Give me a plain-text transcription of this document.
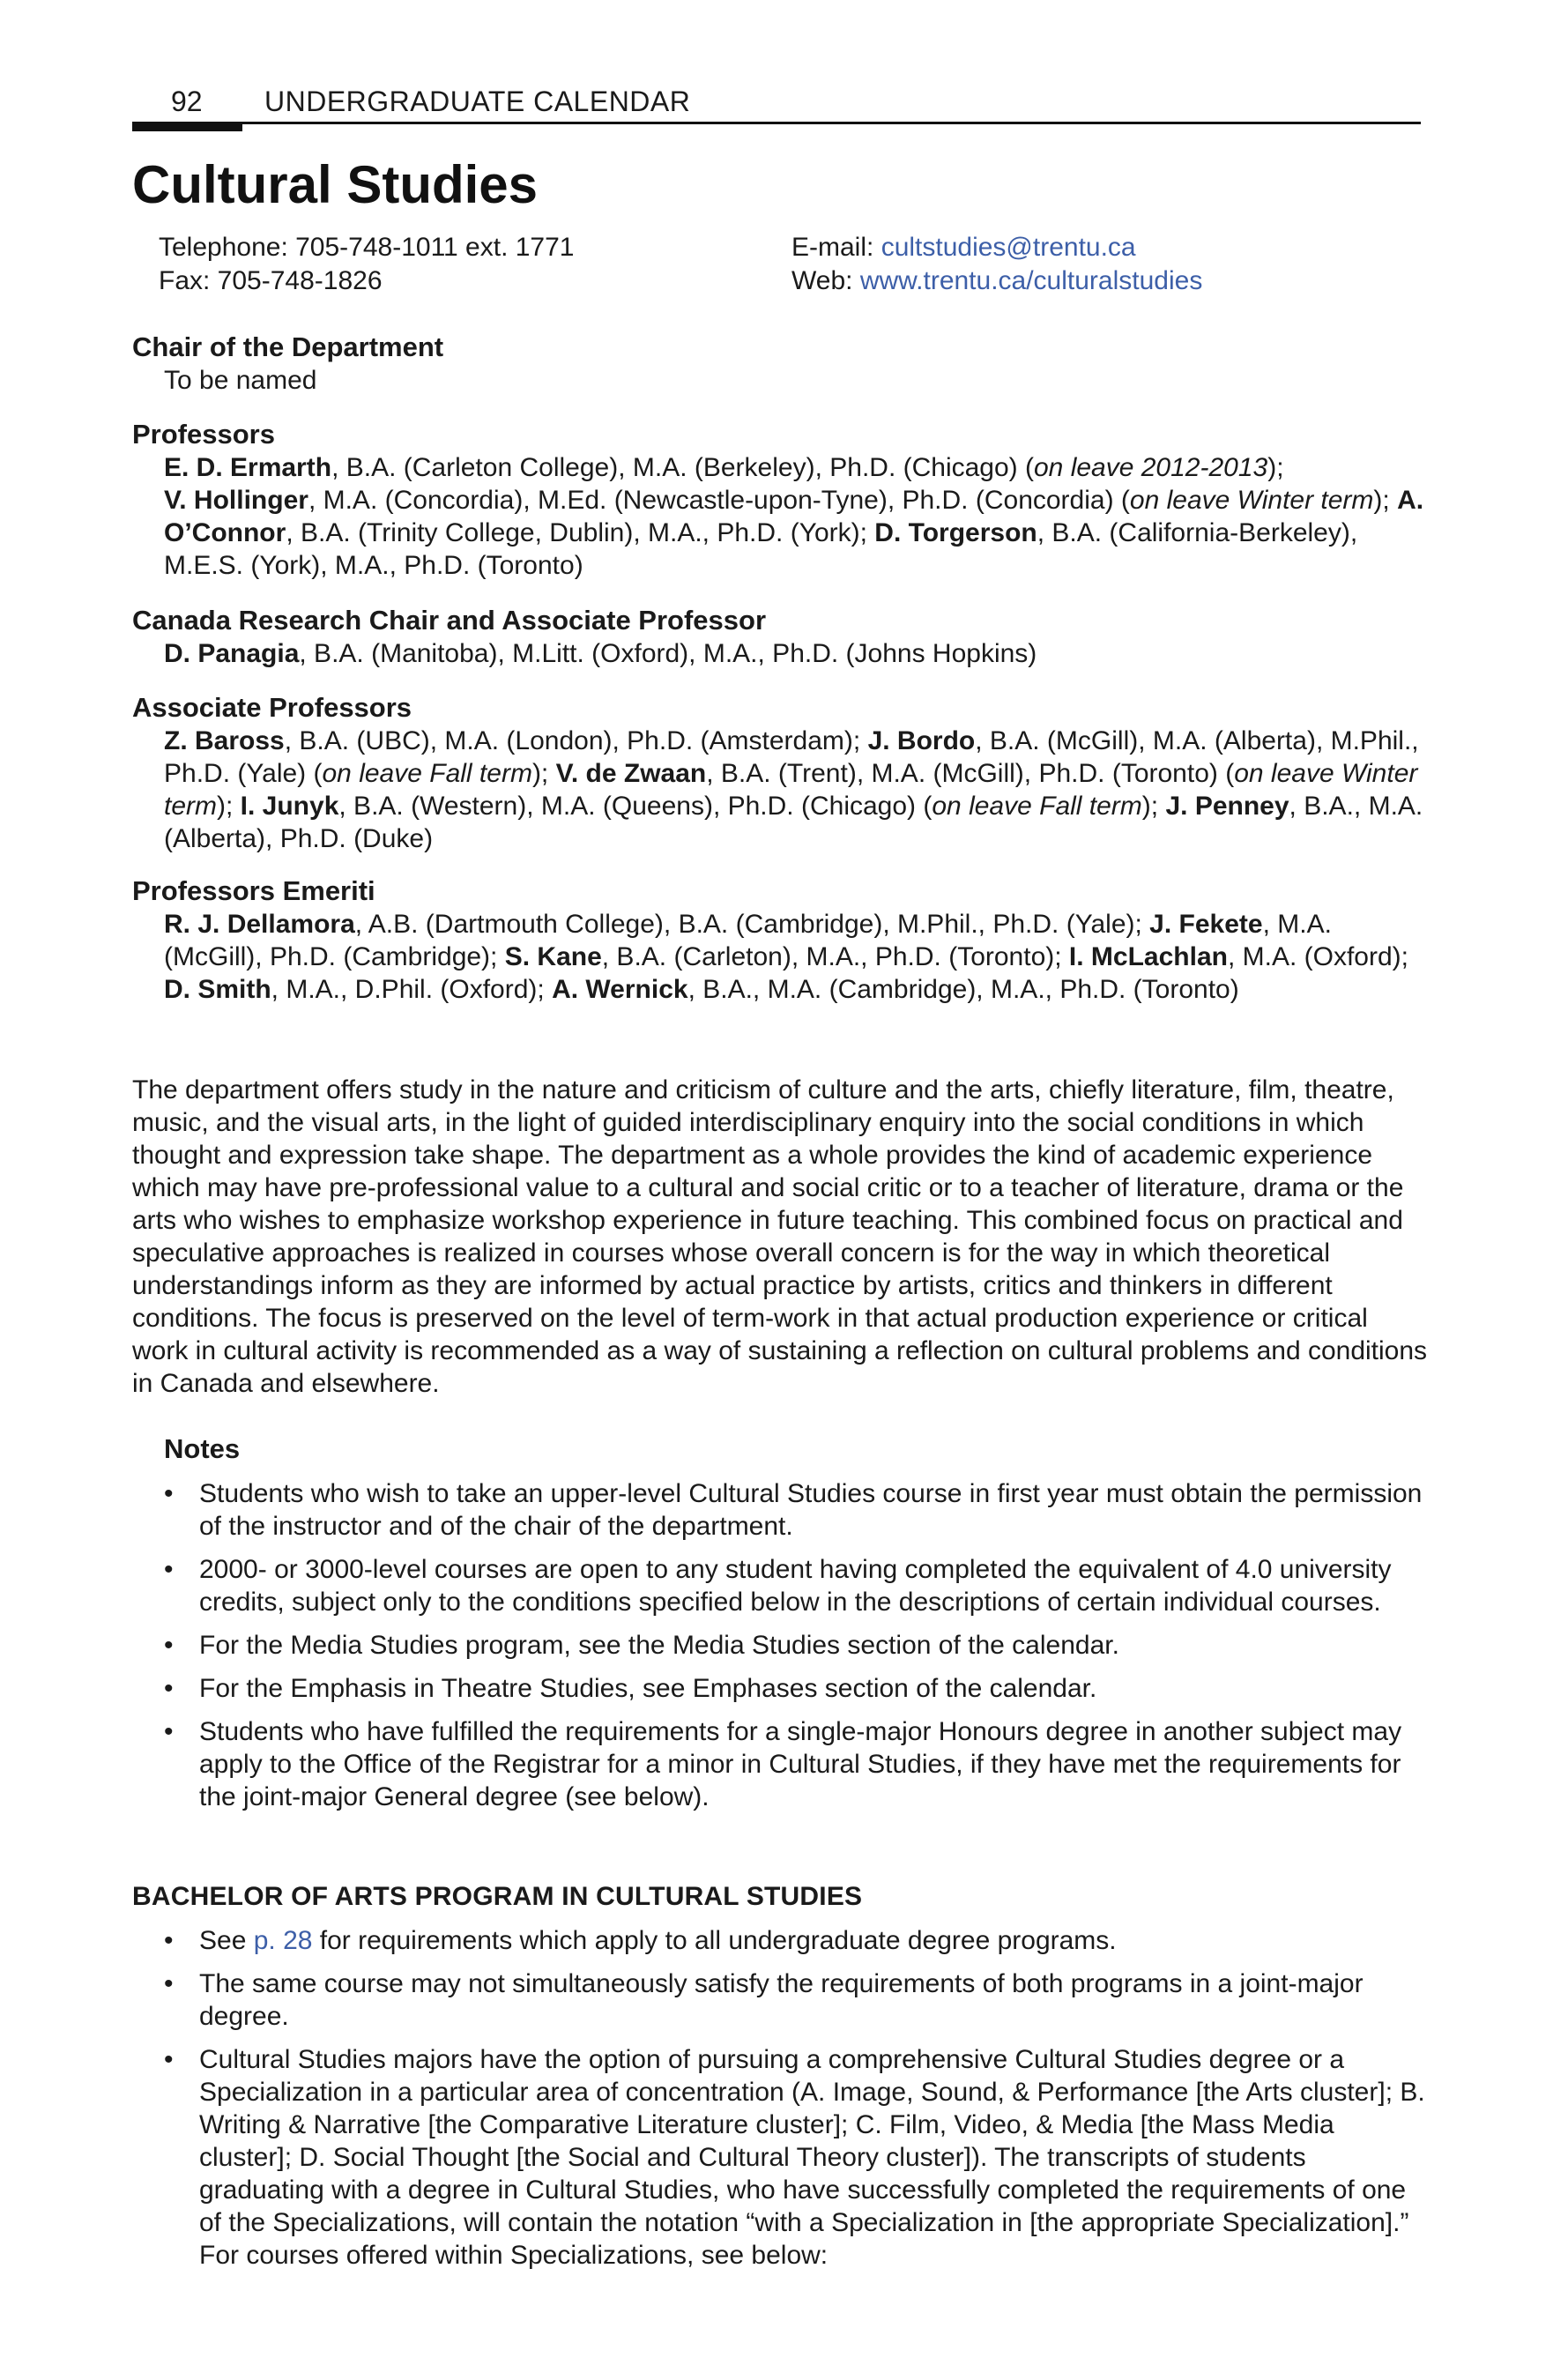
92 UNDERGRADUATE CALENDAR
Cultural Studies
Telephone: 705-748-1011 ext. 1771
Fax: 705-748-1826
E-mail: cultstudies@trentu.ca
Web: www.trentu.ca/culturalstudies
Chair of the Department
To be named
Professors
E. D. Ermarth, B.A. (Carleton College), M.A. (Berkeley), Ph.D. (Chicago) (on leave 2012-2013);
V. Hollinger, M.A. (Concordia), M.Ed. (Newcastle-upon-Tyne), Ph.D. (Concordia) (on leave Winter term); A. O’Connor, B.A. (Trinity College, Dublin), M.A., Ph.D. (York); D. Torgerson, B.A. (California-Berkeley), M.E.S. (York), M.A., Ph.D. (Toronto)
Canada Research Chair and Associate Professor
D. Panagia, B.A. (Manitoba), M.Litt. (Oxford), M.A., Ph.D. (Johns Hopkins)
Associate Professors
Z. Baross, B.A. (UBC), M.A. (London), Ph.D. (Amsterdam); J. Bordo, B.A. (McGill), M.A. (Alberta), M.Phil., Ph.D. (Yale) (on leave Fall term); V. de Zwaan, B.A. (Trent), M.A. (McGill), Ph.D. (Toronto) (on leave Winter term); I. Junyk, B.A. (Western), M.A. (Queens), Ph.D. (Chicago) (on leave Fall term); J. Penney, B.A., M.A. (Alberta), Ph.D. (Duke)
Professors Emeriti
R. J. Dellamora, A.B. (Dartmouth College), B.A. (Cambridge), M.Phil., Ph.D. (Yale); J. Fekete, M.A. (McGill), Ph.D. (Cambridge); S. Kane, B.A. (Carleton), M.A., Ph.D. (Toronto); I. McLachlan, M.A. (Oxford); D. Smith, M.A., D.Phil. (Oxford); A. Wernick, B.A., M.A. (Cambridge), M.A., Ph.D. (Toronto)

The department offers study in the nature and criticism of culture and the arts, chiefly literature, film, theatre, music, and the visual arts, in the light of guided interdisciplinary enquiry into the social conditions in which thought and expression take shape. The department as a whole provides the kind of academic experience which may have pre-professional value to a cultural and social critic or to a teacher of literature, drama or the arts who wishes to emphasize workshop experience in future teaching. This combined focus on practical and speculative approaches is realized in courses whose overall concern is for the way in which theoretical understandings inform as they are informed by actual practice by artists, critics and thinkers in different conditions. The focus is preserved on the level of term-work in that actual production experience or critical work in cultural activity is recommended as a way of sustaining a reflection on cultural problems and conditions in Canada and elsewhere.

Notes
• Students who wish to take an upper-level Cultural Studies course in first year must obtain the permission of the instructor and of the chair of the department.
• 2000- or 3000-level courses are open to any student having completed the equivalent of 4.0 university credits, subject only to the conditions specified below in the descriptions of certain individual courses.
• For the Media Studies program, see the Media Studies section of the calendar.
• For the Emphasis in Theatre Studies, see Emphases section of the calendar.
• Students who have fulfilled the requirements for a single-major Honours degree in another subject may apply to the Office of the Registrar for a minor in Cultural Studies, if they have met the requirements for the joint-major General degree (see below).
BACHELOR OF ARTS PROGRAM IN CULTURAL STUDIES
• See p. 28 for requirements which apply to all undergraduate degree programs.
• The same course may not simultaneously satisfy the requirements of both programs in a joint-major degree.
• Cultural Studies majors have the option of pursuing a comprehensive Cultural Studies degree or a Specialization in a particular area of concentration (A. Image, Sound, & Performance [the Arts cluster]; B. Writing & Narrative [the Comparative Literature cluster]; C. Film, Video, & Media [the Mass Media cluster]; D. Social Thought [the Social and Cultural Theory cluster]). The transcripts of students graduating with a degree in Cultural Studies, who have successfully completed the requirements of one of the Specializations, will contain the notation “with a Specialization in [the appropriate Specialization].” For courses offered within Specializations, see below:
